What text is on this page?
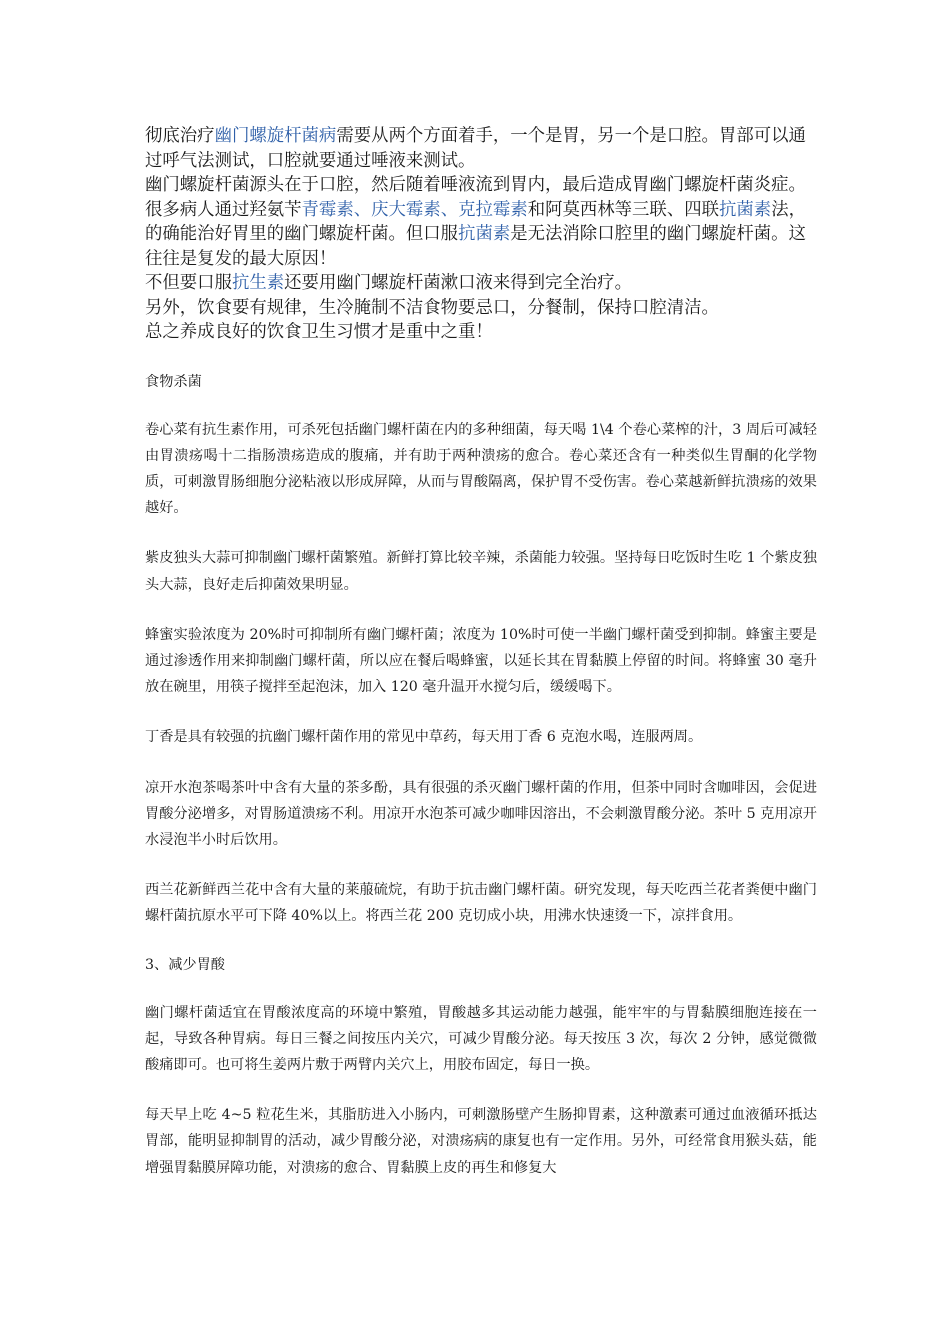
彻底治疗幽门螺旋杆菌病需要从两个方面着手，一个是胃，另一个是口腔。胃部可以通过呼气法测试，口腔就要通过唾液来测试。

幽门螺旋杆菌源头在于口腔，然后随着唾液流到胃内，最后造成胃幽门螺旋杆菌炎症。很多病人通过羟氨苄青霉素、庆大霉素、克拉霉素和阿莫西林等三联、四联抗菌素法，的确能治好胃里的幽门螺旋杆菌。但口服抗菌素是无法消除口腔里的幽门螺旋杆菌。这往往是复发的最大原因！

不但要口服抗生素还要用幽门螺旋杆菌漱口液来得到完全治疗。

另外，饮食要有规律，生冷腌制不洁食物要忌口，分餐制，保持口腔清洁。

总之养成良好的饮食卫生习惯才是重中之重！

食物杀菌

卷心菜有抗生素作用，可杀死包括幽门螺杆菌在内的多种细菌，每天喝 1\4 个卷心菜榨的汁，3 周后可减轻由胃溃疡喝十二指肠溃疡造成的腹痛，并有助于两种溃疡的愈合。卷心菜还含有一种类似生胃酮的化学物质，可刺激胃肠细胞分泌粘液以形成屏障，从而与胃酸隔离，保护胃不受伤害。卷心菜越新鲜抗溃疡的效果越好。

紫皮独头大蒜可抑制幽门螺杆菌繁殖。新鲜打算比较辛辣，杀菌能力较强。坚持每日吃饭时生吃 1 个紫皮独头大蒜，良好走后抑菌效果明显。

蜂蜜实验浓度为 20%时可抑制所有幽门螺杆菌；浓度为 10%时可使一半幽门螺杆菌受到抑制。蜂蜜主要是通过渗透作用来抑制幽门螺杆菌，所以应在餐后喝蜂蜜，以延长其在胃黏膜上停留的时间。将蜂蜜 30 毫升放在碗里，用筷子搅拌至起泡沫，加入 120 毫升温开水搅匀后，缓缓喝下。

丁香是具有较强的抗幽门螺杆菌作用的常见中草药，每天用丁香 6 克泡水喝，连服两周。

凉开水泡茶喝茶叶中含有大量的茶多酚，具有很强的杀灭幽门螺杆菌的作用，但茶中同时含咖啡因，会促进胃酸分泌增多，对胃肠道溃疡不利。用凉开水泡茶可减少咖啡因溶出，不会刺激胃酸分泌。茶叶 5 克用凉开水浸泡半小时后饮用。

西兰花新鲜西兰花中含有大量的莱菔硫烷，有助于抗击幽门螺杆菌。研究发现，每天吃西兰花者粪便中幽门螺杆菌抗原水平可下降 40%以上。将西兰花 200 克切成小块，用沸水快速烫一下，凉拌食用。

3、减少胃酸

幽门螺杆菌适宜在胃酸浓度高的环境中繁殖，胃酸越多其运动能力越强，能牢牢的与胃黏膜细胞连接在一起，导致各种胃病。每日三餐之间按压内关穴，可减少胃酸分泌。每天按压 3 次，每次 2 分钟，感觉微微酸痛即可。也可将生姜两片敷于两臂内关穴上，用胶布固定，每日一换。

每天早上吃 4~5 粒花生米，其脂肪进入小肠内，可刺激肠壁产生肠抑胃素，这种激素可通过血液循环抵达胃部，能明显抑制胃的活动，减少胃酸分泌，对溃疡病的康复也有一定作用。另外，可经常食用猴头菇，能增强胃黏膜屏障功能，对溃疡的愈合、胃黏膜上皮的再生和修复大
